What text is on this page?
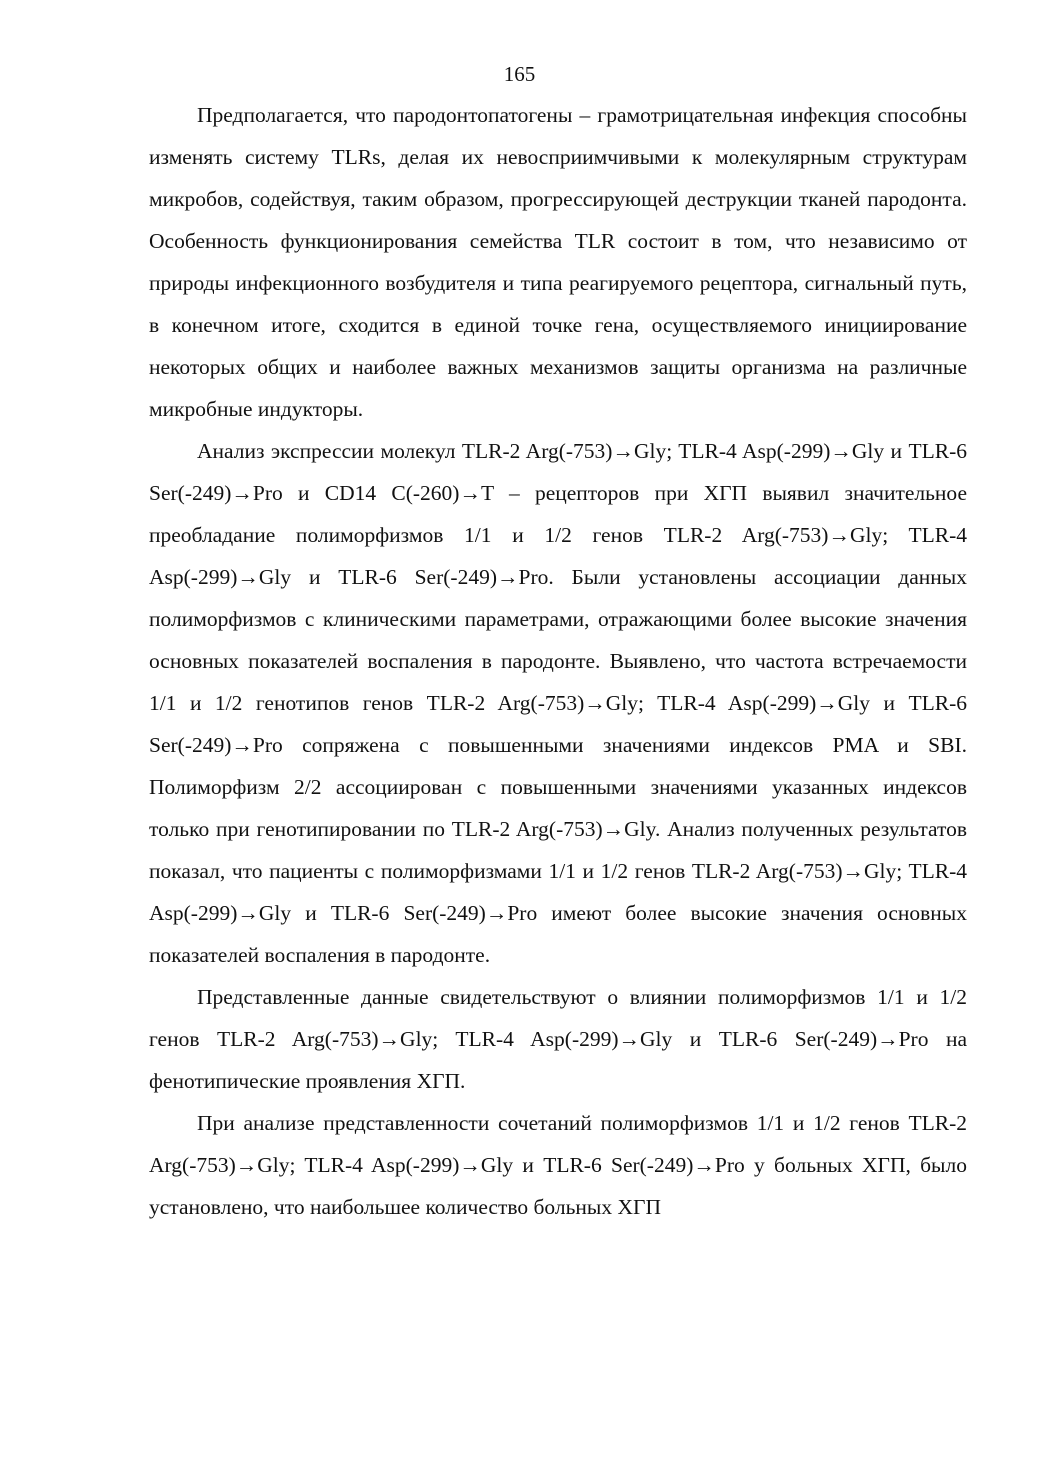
165

Предполагается, что пародонтопатогены – грамотрицательная инфекция способны изменять систему TLRs, делая их невосприимчивыми к молекулярным структурам микробов, содействуя, таким образом, прогрессирующей деструкции тканей пародонта. Особенность функционирования семейства TLR состоит в том, что независимо от природы инфекционного возбудителя и типа реагируемого рецептора, сигнальный путь, в конечном итоге, сходится в единой точке гена, осуществляемого инициирование некоторых общих и наиболее важных механизмов защиты организма на различные микробные индукторы.

Анализ экспрессии молекул TLR-2 Arg(-753)→Gly; TLR-4 Asp(-299)→Gly и TLR-6 Ser(-249)→Pro и CD14 C(-260)→T – рецепторов при ХГП выявил значительное преобладание полиморфизмов 1/1 и 1/2 генов TLR-2 Arg(-753)→Gly; TLR-4 Asp(-299)→Gly и TLR-6 Ser(-249)→Pro. Были установлены ассоциации данных полиморфизмов с клиническими параметрами, отражающими более высокие значения основных показателей воспаления в пародонте. Выявлено, что частота встречаемости 1/1 и 1/2 генотипов генов TLR-2 Arg(-753)→Gly; TLR-4 Asp(-299)→Gly и TLR-6 Ser(-249)→Pro сопряжена с повышенными значениями индексов PMA и SBI. Полиморфизм 2/2 ассоциирован с повышенными значениями указанных индексов только при генотипировании по TLR-2 Arg(-753)→Gly. Анализ полученных результатов показал, что пациенты с полиморфизмами 1/1 и 1/2 генов TLR-2 Arg(-753)→Gly; TLR-4 Asp(-299)→Gly и TLR-6 Ser(-249)→Pro имеют более высокие значения основных показателей воспаления в пародонте.

Представленные данные свидетельствуют о влиянии полиморфизмов 1/1 и 1/2 генов TLR-2 Arg(-753)→Gly; TLR-4 Asp(-299)→Gly и TLR-6 Ser(-249)→Pro на фенотипические проявления ХГП.

При анализе представленности сочетаний полиморфизмов 1/1 и 1/2 генов TLR-2 Arg(-753)→Gly; TLR-4 Asp(-299)→Gly и TLR-6 Ser(-249)→Pro у больных ХГП, было установлено, что наибольшее количество больных ХГП
